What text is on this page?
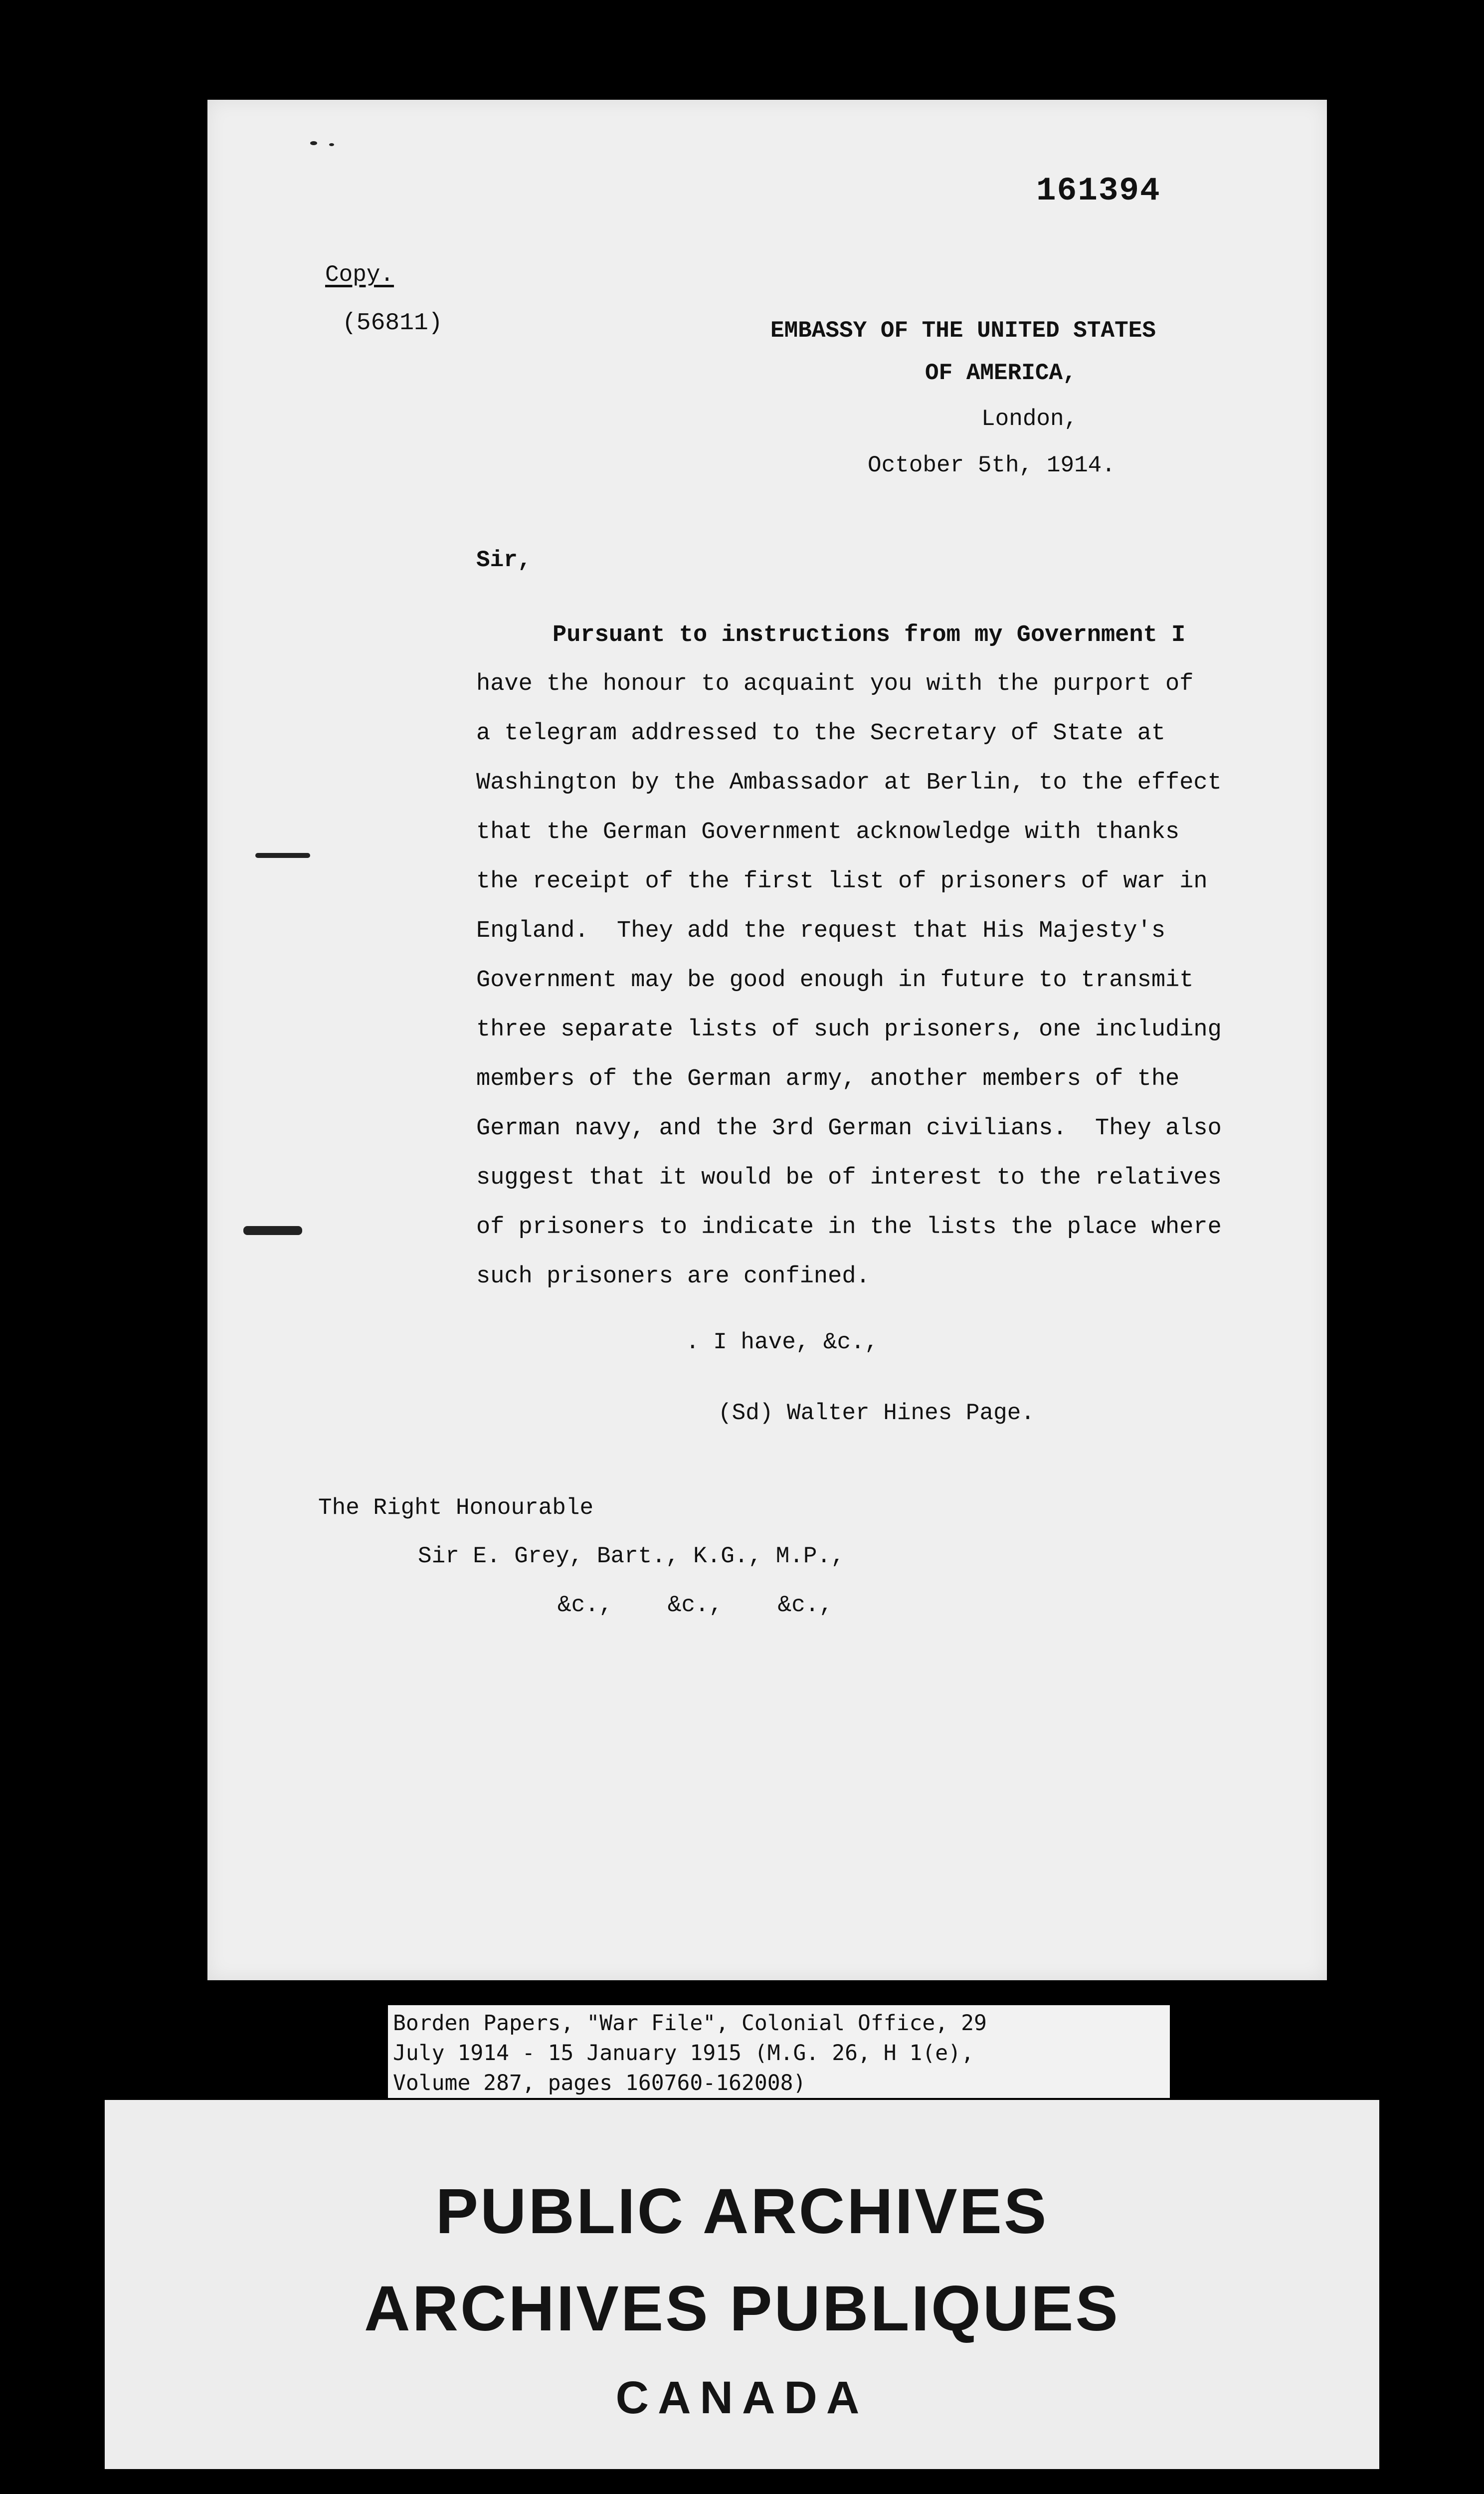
161394
Copy.
(56811)	EMBASSY OF THE UNITED STATES
OF AMERICA,
London,
October 5th, 1914.
Sir,
Pursuant to instructions from my Government I
have the honour to acquaint you with the purport of
a telegram addressed to the Secretary of State at
Washington by the Ambassador at Berlin, to the effect
that the German Government acknowledge with thanks
the receipt of the first list of prisoners of war in
England.  They add the request that His Majesty's
Government may be good enough in future to transmit
three separate lists of such prisoners, one including
members of the German army, another members of the
German navy, and the 3rd German civilians.  They also
suggest that it would be of interest to the relatives
of prisoners to indicate in the lists the place where
such prisoners are confined.
. I have, &c.,
(Sd) Walter Hines Page.
The Right Honourable
Sir E. Grey, Bart., K.G., M.P.,
&c.,    &c.,    &c.,
Borden Papers, "War File", Colonial Office, 29
July 1914 - 15 January 1915 (M.G. 26, H 1(e),
Volume 287, pages 160760-162008)
PUBLIC ARCHIVES
ARCHIVES PUBLIQUES
CANADA
